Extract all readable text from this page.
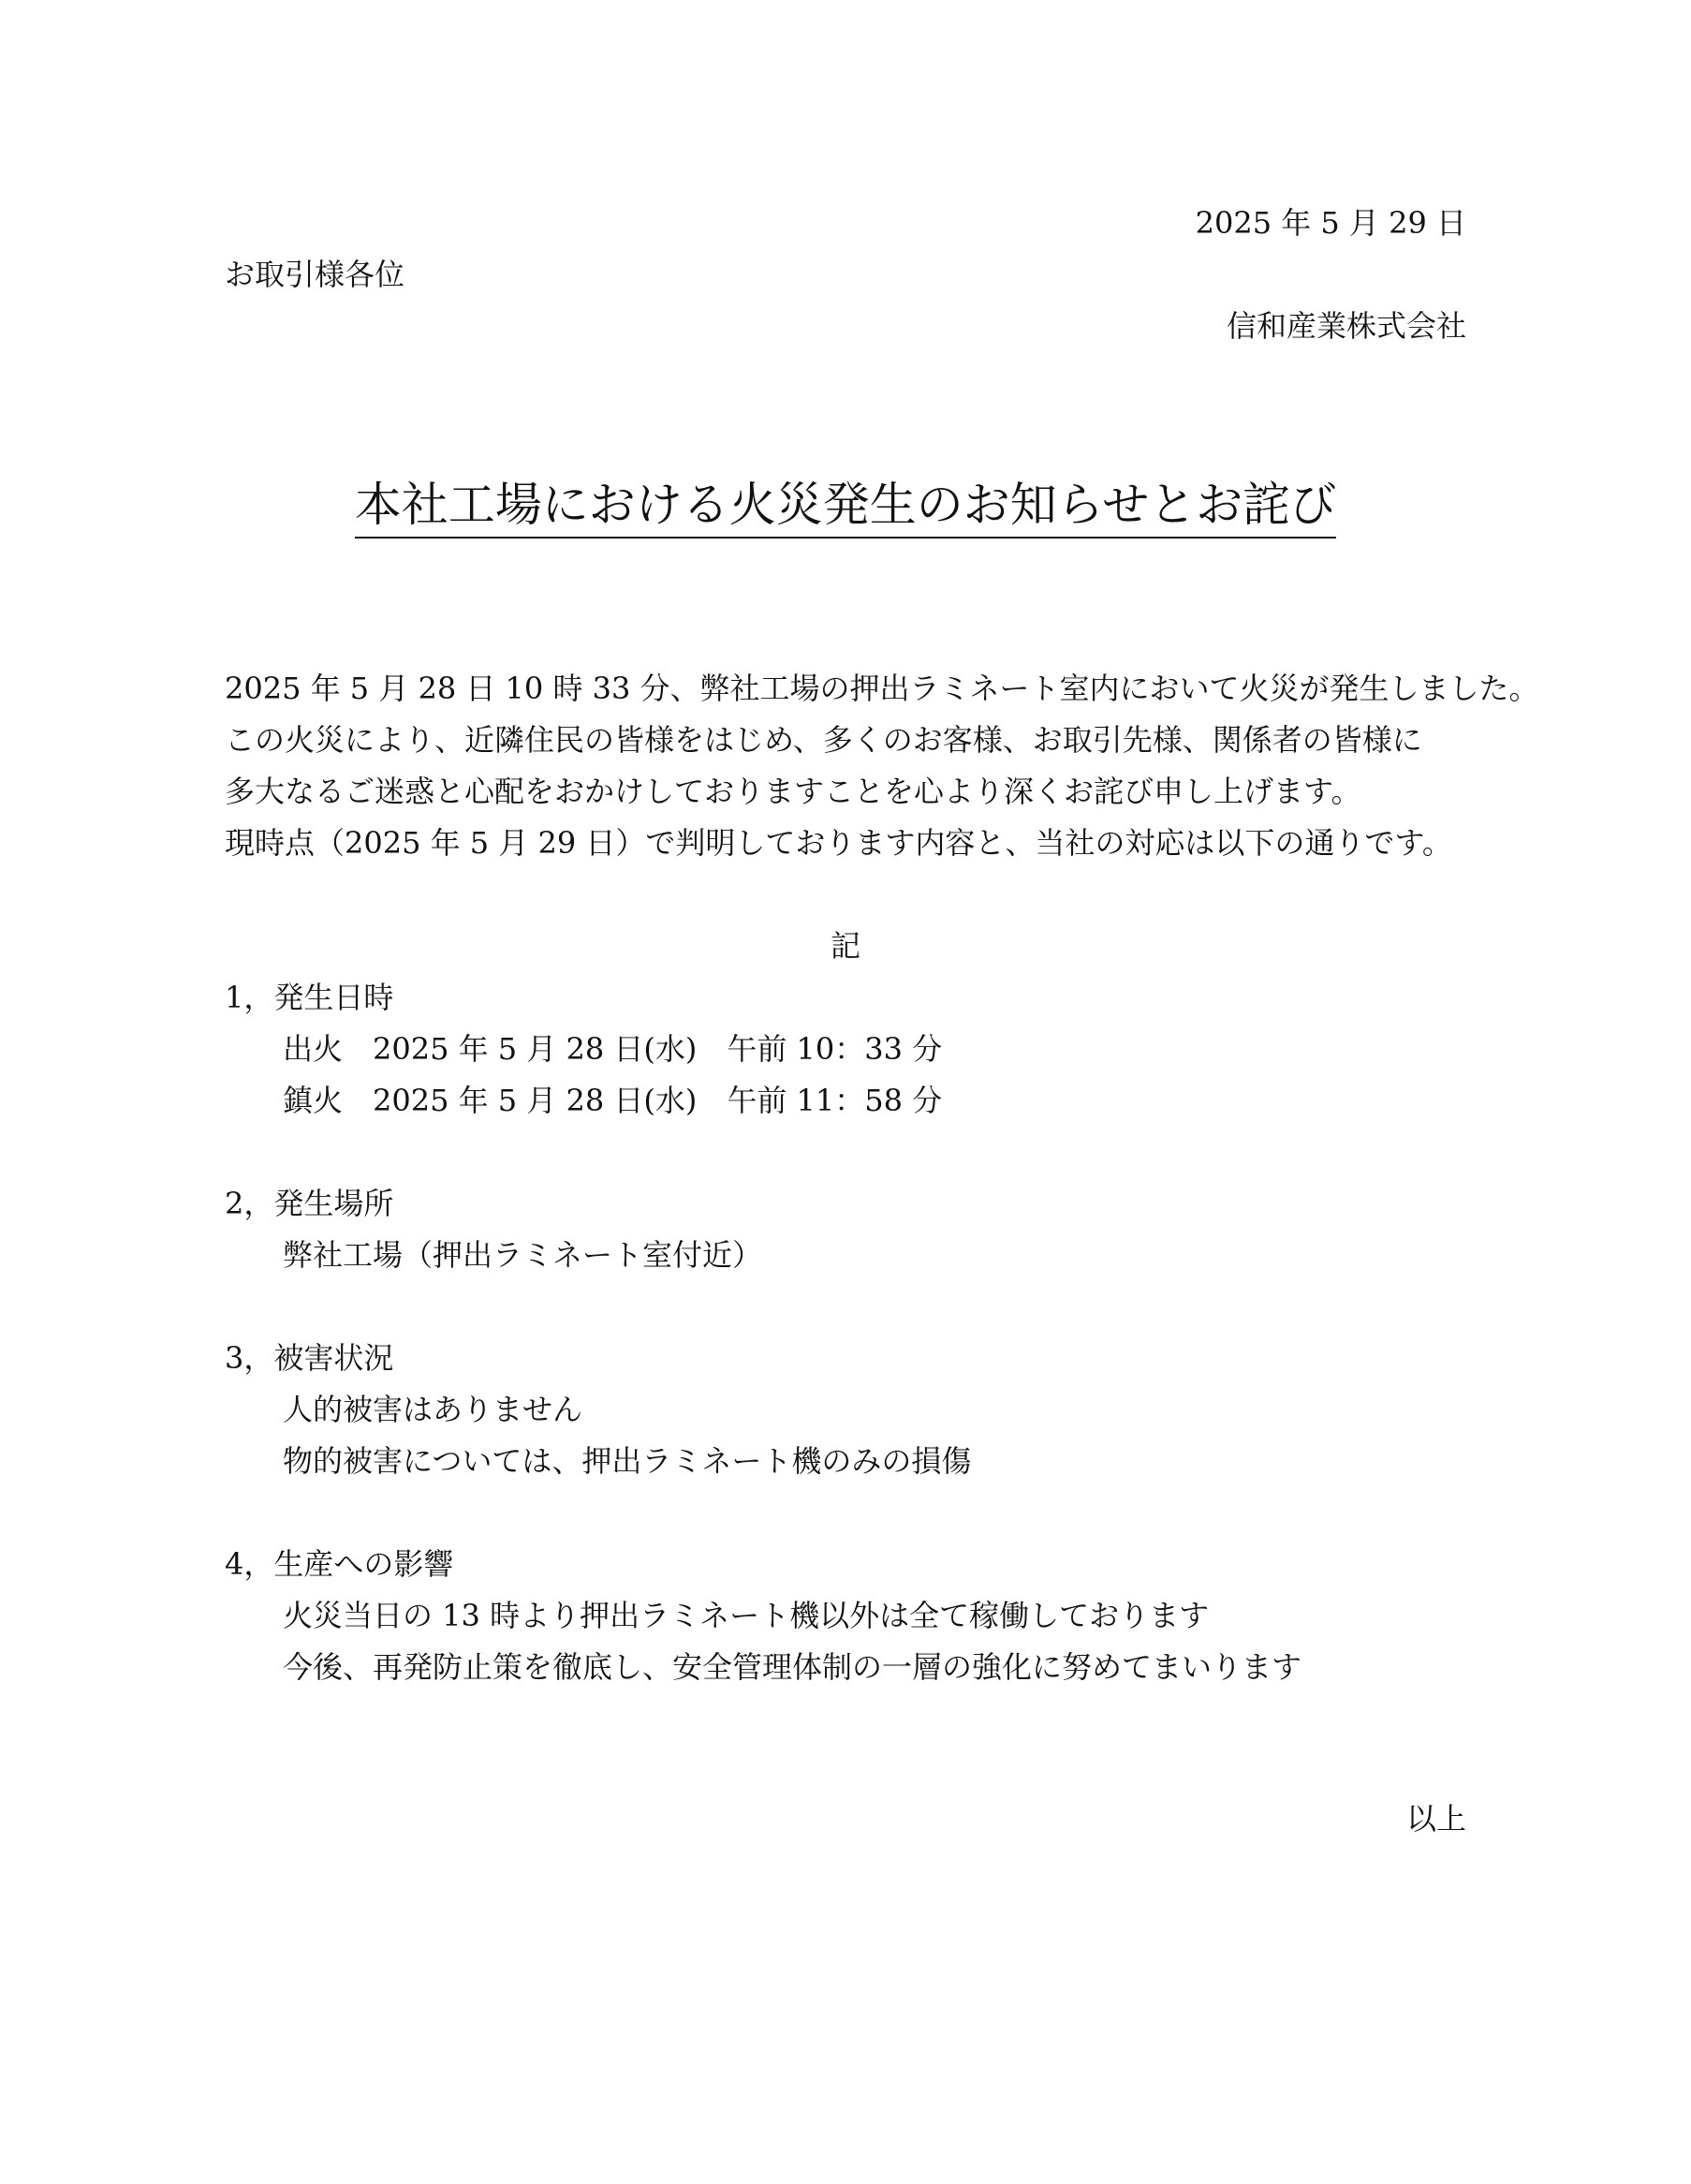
2025 年 5 月 29 日
お取引様各位
信和産業株式会社
本社工場における火災発生のお知らせとお詫び
2025 年 5 月 28 日 10 時 33 分、弊社工場の押出ラミネート室内において火災が発生しました。
この火災により、近隣住民の皆様をはじめ、多くのお客様、お取引先様、関係者の皆様に
多大なるご迷惑と心配をおかけしておりますことを心より深くお詫び申し上げます。
現時点（2025 年 5 月 29 日）で判明しております内容と、当社の対応は以下の通りです。
記
1，発生日時
出火　2025 年 5 月 28 日(水)　午前 10：33 分
鎮火　2025 年 5 月 28 日(水)　午前 11：58 分
2，発生場所
弊社工場（押出ラミネート室付近）
3，被害状況
人的被害はありません
物的被害については、押出ラミネート機のみの損傷
4，生産への影響
火災当日の 13 時より押出ラミネート機以外は全て稼働しております
今後、再発防止策を徹底し、安全管理体制の一層の強化に努めてまいります
以上
